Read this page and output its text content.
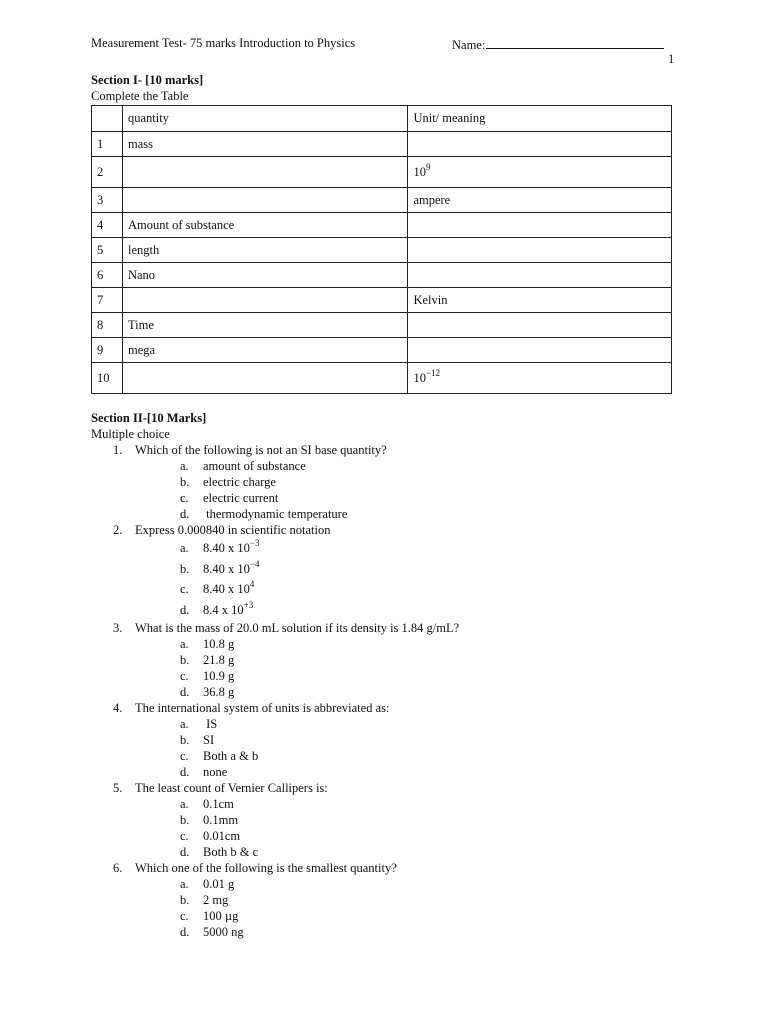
Measurement Test- 75 marks Introduction to Physics	Name:
1
Section I- [10 marks]
Complete the Table
	quantity	Unit/ meaning
1	mass	
2		$10^9$
3		ampere
4	Amount of substance	
5	length	
6	Nano	
7		Kelvin
8	Time	
9	mega	
10		$10^{-12}$
Section II-[10 Marks]
Multiple choice
1.	Which of the following is not an SI base quantity?
a. amount of substance
b. electric charge
c. electric current
d. thermodynamic temperature
2.	Express 0.000840 in scientific notation
a. 8.40 x $10^{-3}$
b. 8.40 x $10^{-4}$
c. 8.40 x $10^4$
d. 8.4 x $10^{+3}$
3.	What is the mass of 20.0 mL solution if its density is 1.84 g/mL?
a. 10.8 g
b. 21.8 g
c. 10.9 g
d. 36.8 g
4.	The international system of units is abbreviated as:
a. IS
b. SI
c. Both a & b
d. none
5.	The least count of Vernier Callipers is:
a. 0.1cm
b. 0.1mm
c. 0.01cm
d. Both b & c
6.	Which one of the following is the smallest quantity?
a. 0.01 g
b. 2 mg
c. 100 µg
d. 5000 ng
